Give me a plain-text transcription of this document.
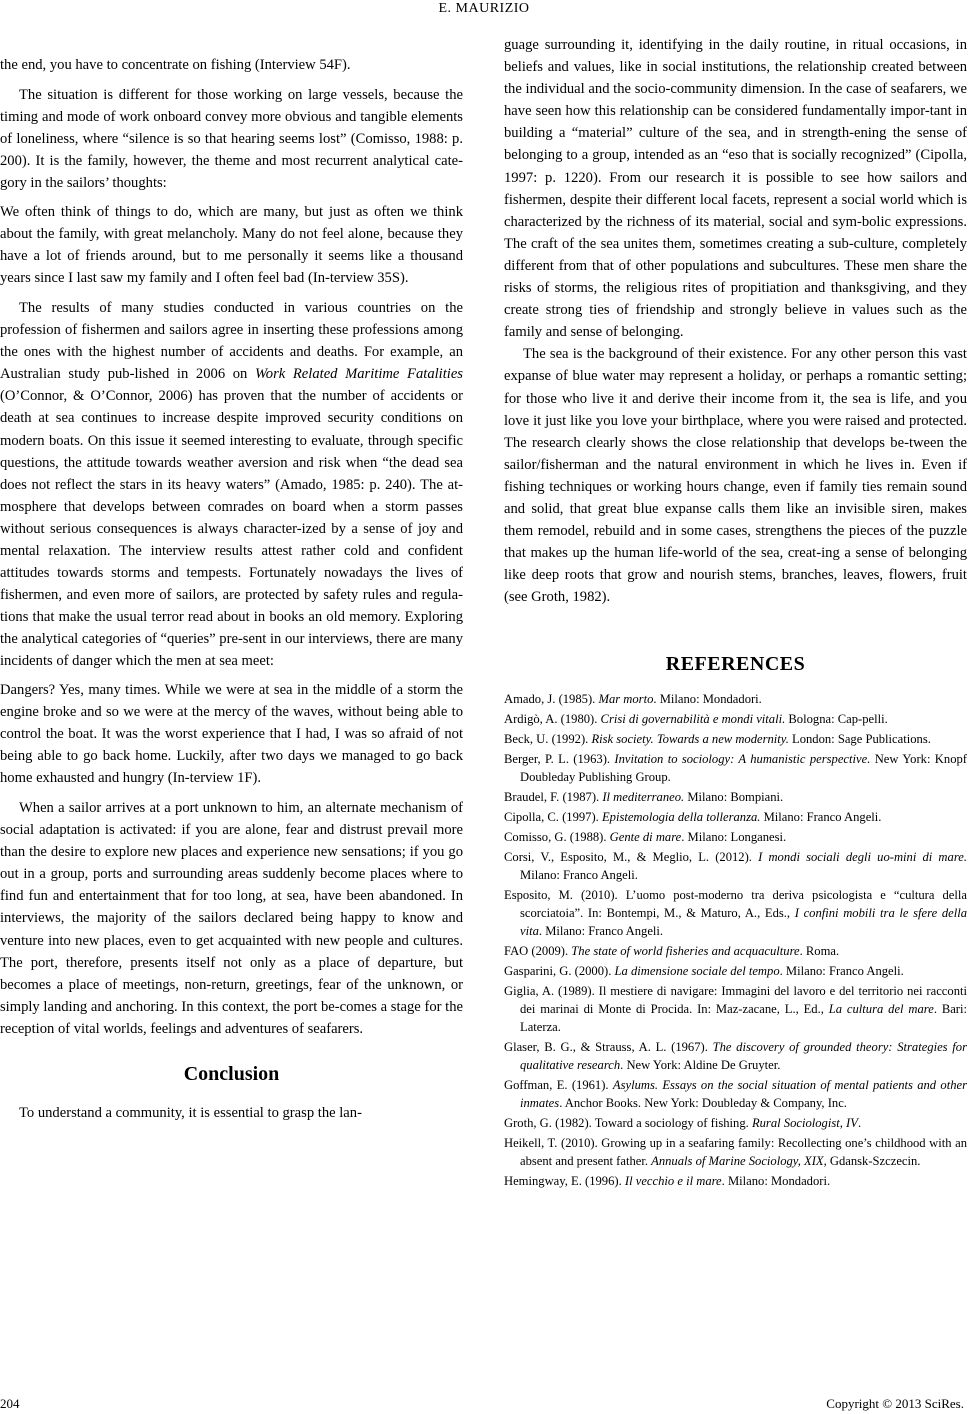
E. MAURIZIO

the end, you have to concentrate on fishing (Interview 54F).

The situation is different for those working on large vessels, because the timing and mode of work onboard convey more obvious and tangible elements of loneliness, where “silence is so that hearing seems lost” (Comisso, 1988: p. 200). It is the family, however, the theme and most recurrent analytical cate-gory in the sailors’ thoughts:

We often think of things to do, which are many, but just as often we think about the family, with great melancholy. Many do not feel alone, because they have a lot of friends around, but to me personally it seems like a thousand years since I last saw my family and I often feel bad (In-terview 35S).

The results of many studies conducted in various countries on the profession of fishermen and sailors agree in inserting these professions among the ones with the highest number of accidents and deaths. For example, an Australian study pub-lished in 2006 on Work Related Maritime Fatalities (O’Connor, & O’Connor, 2006) has proven that the number of accidents or death at sea continues to increase despite improved security conditions on modern boats. On this issue it seemed interesting to evaluate, through specific questions, the attitude towards weather aversion and risk when “the dead sea does not reflect the stars in its heavy waters” (Amado, 1985: p. 240). The at-mosphere that develops between comrades on board when a storm passes without serious consequences is always character-ized by a sense of joy and mental relaxation. The interview results attest rather cold and confident attitudes towards storms and tempests. Fortunately nowadays the lives of fishermen, and even more of sailors, are protected by safety rules and regula-tions that make the usual terror read about in books an old memory. Exploring the analytical categories of “queries” pre-sent in our interviews, there are many incidents of danger which the men at sea meet:

Dangers? Yes, many times. While we were at sea in the middle of a storm the engine broke and so we were at the mercy of the waves, without being able to control the boat. It was the worst experience that I had, I was so afraid of not being able to go back home. Luckily, after two days we managed to go back home exhausted and hungry (In-terview 1F).

When a sailor arrives at a port unknown to him, an alternate mechanism of social adaptation is activated: if you are alone, fear and distrust prevail more than the desire to explore new places and experience new sensations; if you go out in a group, ports and surrounding areas suddenly become places where to find fun and entertainment that for too long, at sea, have been abandoned. In interviews, the majority of the sailors declared being happy to know and venture into new places, even to get acquainted with new people and cultures. The port, therefore, presents itself not only as a place of departure, but becomes a place of meetings, non-return, greetings, fear of the unknown, or simply landing and anchoring. In this context, the port be-comes a stage for the reception of vital worlds, feelings and adventures of seafarers.

Conclusion

To understand a community, it is essential to grasp the lan-

guage surrounding it, identifying in the daily routine, in ritual occasions, in beliefs and values, like in social institutions, the relationship created between the individual and the socio-community dimension. In the case of seafarers, we have seen how this relationship can be considered fundamentally impor-tant in building a “material” culture of the sea, and in strength-ening the sense of belonging to a group, intended as an “eso that is socially recognized” (Cipolla, 1997: p. 1220). From our research it is possible to see how sailors and fishermen, despite their different local facets, represent a social world which is characterized by the richness of its material, social and sym-bolic expressions. The craft of the sea unites them, sometimes creating a sub-culture, completely different from that of other populations and subcultures. These men share the risks of storms, the religious rites of propitiation and thanksgiving, and they create strong ties of friendship and strongly believe in values such as the family and sense of belonging.

The sea is the background of their existence. For any other person this vast expanse of blue water may represent a holiday, or perhaps a romantic setting; for those who live it and derive their income from it, the sea is life, and you love it just like you love your birthplace, where you were raised and protected. The research clearly shows the close relationship that develops be-tween the sailor/fisherman and the natural environment in which he lives in. Even if fishing techniques or working hours change, even if family ties remain sound and solid, that great blue expanse calls them like an invisible siren, makes them remodel, rebuild and in some cases, strengthens the pieces of the puzzle that makes up the human life-world of the sea, creat-ing a sense of belonging like deep roots that grow and nourish stems, branches, leaves, flowers, fruit (see Groth, 1982).

REFERENCES
Amado, J. (1985). Mar morto. Milano: Mondadori.
Ardigò, A. (1980). Crisi di governabilità e mondi vitali. Bologna: Cap-pelli.
Beck, U. (1992). Risk society. Towards a new modernity. London: Sage Publications.
Berger, P. L. (1963). Invitation to sociology: A humanistic perspective. New York: Knopf Doubleday Publishing Group.
Braudel, F. (1987). Il mediterraneo. Milano: Bompiani.
Cipolla, C. (1997). Epistemologia della tolleranza. Milano: Franco Angeli.
Comisso, G. (1988). Gente di mare. Milano: Longanesi.
Corsi, V., Esposito, M., & Meglio, L. (2012). I mondi sociali degli uo-mini di mare. Milano: Franco Angeli.
Esposito, M. (2010). L’uomo post-moderno tra deriva psicologista e “cultura della scorciatoia”. In: Bontempi, M., & Maturo, A., Eds., I confini mobili tra le sfere della vita. Milano: Franco Angeli.
FAO (2009). The state of world fisheries and acquaculture. Roma.
Gasparini, G. (2000). La dimensione sociale del tempo. Milano: Franco Angeli.
Giglia, A. (1989). Il mestiere di navigare: Immagini del lavoro e del territorio nei racconti dei marinai di Monte di Procida. In: Maz-zacane, L., Ed., La cultura del mare. Bari: Laterza.
Glaser, B. G., & Strauss, A. L. (1967). The discovery of grounded theory: Strategies for qualitative research. New York: Aldine De Gruyter.
Goffman, E. (1961). Asylums. Essays on the social situation of mental patients and other inmates. Anchor Books. New York: Doubleday & Company, Inc.
Groth, G. (1982). Toward a sociology of fishing. Rural Sociologist, IV.
Heikell, T. (2010). Growing up in a seafaring family: Recollecting one’s childhood with an absent and present father. Annuals of Marine Sociology, XIX, Gdansk-Szczecin.
Hemingway, E. (1996). Il vecchio e il mare. Milano: Mondadori.
204	Copyright © 2013 SciRes.
